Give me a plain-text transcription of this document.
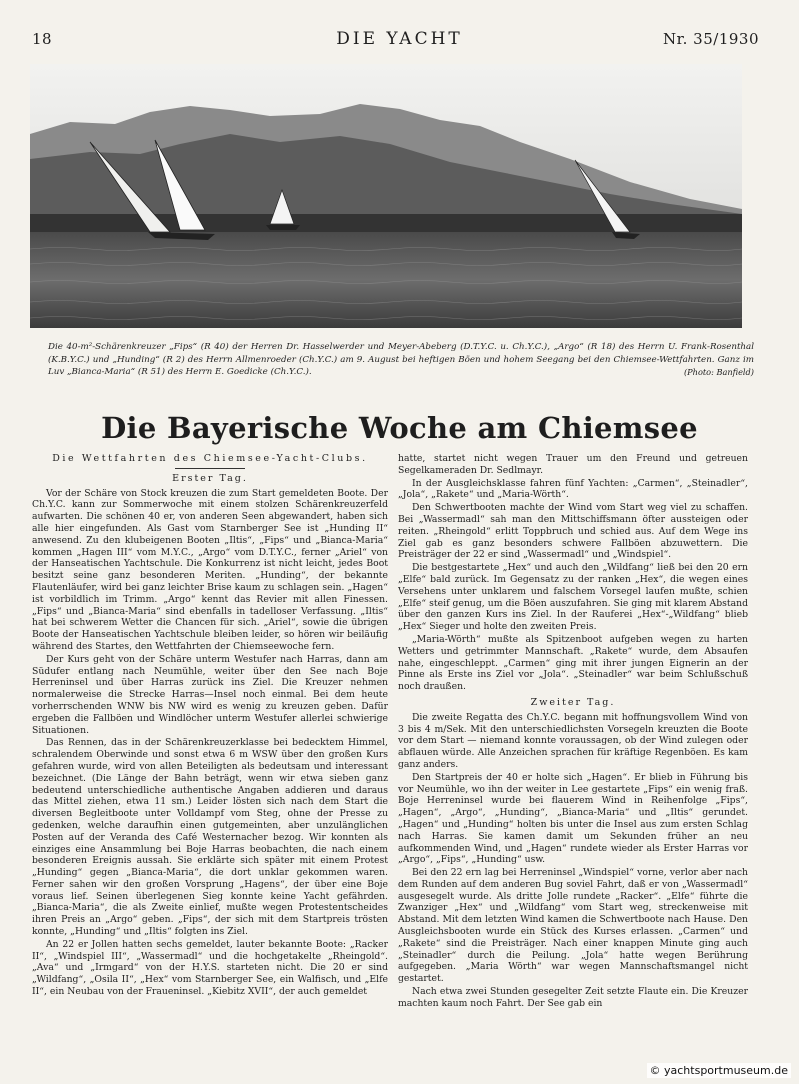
18	DIE YACHT	Nr. 35/1930
Die 40-m²-Schärenkreuzer „Fips“ (R 40) der Herren Dr. Hasselwerder und Meyer-Abeberg (D.T.Y.C. u. Ch.Y.C.), „Argo“ (R 18) des Herrn U. Frank-Rosenthal (K.B.Y.C.) und „Hunding“ (R 2) des Herrn Allmenroeder (Ch.Y.C.) am 9. August bei heftigen Böen und hohem Seegang bei den Chiemsee-Wettfahrten. Ganz im Luv „Bianca-Maria“ (R 51) des Herrn E. Goedicke (Ch.Y.C.).	(Photo: Banfield)
Die Bayerische Woche am Chiemsee
Die Wettfahrten des Chiemsee-Yacht-Clubs.
Erster Tag.

Vor der Schäre von Stock kreuzen die zum Start gemeldeten Boote. Der Ch.Y.C. kann zur Sommerwoche mit einem stolzen Schärenkreuzerfeld aufwarten. Die schönen 40 er, von anderen Seen abgewandert, haben sich alle hier eingefunden. Als Gast vom Starnberger See ist „Hunding II“ anwesend. Zu den klubeigenen Booten „Iltis“, „Fips“ und „Bianca-Maria“ kommen „Hagen III“ vom M.Y.C., „Argo“ vom D.T.Y.C., ferner „Ariel“ von der Hanseatischen Yachtschule. Die Konkurrenz ist nicht leicht, jedes Boot besitzt seine ganz besonderen Meriten. „Hunding“, der bekannte Flautenläufer, wird bei ganz leichter Brise kaum zu schlagen sein. „Hagen“ ist vorbildlich im Trimm. „Argo“ kennt das Revier mit allen Finessen. „Fips“ und „Bianca-Maria“ sind ebenfalls in tadelloser Verfassung. „Iltis“ hat bei schwerem Wetter die Chancen für sich. „Ariel“, sowie die übrigen Boote der Hanseatischen Yachtschule bleiben leider, so hören wir beiläufig während des Startes, den Wettfahrten der Chiemseewoche fern.

Der Kurs geht von der Schäre unterm Westufer nach Harras, dann am Südufer entlang nach Neumühle, weiter über den See nach Boje Herreninsel und über Harras zurück ins Ziel. Die Kreuzer nehmen normalerweise die Strecke Harras—Insel noch einmal. Bei dem heute vorherrschenden WNW bis NW wird es wenig zu kreuzen geben. Dafür ergeben die Fallböen und Windlöcher unterm Westufer allerlei schwierige Situationen.

Das Rennen, das in der Schärenkreuzerklasse bei bedecktem Himmel, schralendem Oberwinde und sonst etwa 6 m WSW über den großen Kurs gefahren wurde, wird von allen Beteiligten als bedeutsam und interessant bezeichnet. (Die Länge der Bahn beträgt, wenn wir etwa sieben ganz bedeutend unterschiedliche authentische Angaben addieren und daraus das Mittel ziehen, etwa 11 sm.) Leider lösten sich nach dem Start die diversen Begleitboote unter Volldampf vom Steg, ohne der Presse zu gedenken, welche daraufhin einen gutgemeinten, aber unzulänglichen Posten auf der Veranda des Café Westernacher bezog. Wir konnten als einziges eine Ansammlung bei Boje Harras beobachten, die nach einem besonderen Ereignis aussah. Sie erklärte sich später mit einem Protest „Hunding“ gegen „Bianca-Maria“, die dort unklar gekommen waren. Ferner sahen wir den großen Vorsprung „Hagens“, der über eine Boje voraus lief. Seinen überlegenen Sieg konnte keine Yacht gefährden. „Bianca-Maria“, die als Zweite einlief, mußte wegen Protestentscheides ihren Preis an „Argo“ geben. „Fips“, der sich mit dem Startpreis trösten konnte, „Hunding“ und „Iltis“ folgten ins Ziel.

An 22 er Jollen hatten sechs gemeldet, lauter bekannte Boote: „Racker II“, „Windspiel III“, „Wassermadl“ und die hochgetakelte „Rheingold“. „Ava“ und „Irmgard“ von der H.Y.S. starteten nicht. Die 20 er sind „Wildfang“, „Osila II“, „Hex“ vom Starnberger See, ein Walfisch, und „Elfe II“, ein Neubau von der Fraueninsel. „Kiebitz XVII“, der auch gemeldet

hatte, startet nicht wegen Trauer um den Freund und getreuen Segelkameraden Dr. Sedlmayr.

In der Ausgleichsklasse fahren fünf Yachten: „Carmen“, „Steinadler“, „Jola“, „Rakete“ und „Maria-Wörth“.

Den Schwertbooten machte der Wind vom Start weg viel zu schaffen. Bei „Wassermadl“ sah man den Mittschiffsmann öfter aussteigen oder reiten. „Rheingold“ erlitt Toppbruch und schied aus. Auf dem Wege ins Ziel gab es ganz besonders schwere Fallböen abzuwettern. Die Preisträger der 22 er sind „Wassermadl“ und „Windspiel“.

Die bestgestartete „Hex“ und auch den „Wildfang“ ließ bei den 20 ern „Elfe“ bald zurück. Im Gegensatz zu der ranken „Hex“, die wegen eines Versehens unter unklarem und falschem Vorsegel laufen mußte, schien „Elfe“ steif genug, um die Böen auszufahren. Sie ging mit klarem Abstand über den ganzen Kurs ins Ziel. In der Rauferei „Hex“-„Wildfang“ blieb „Hex“ Sieger und holte den zweiten Preis.

„Maria-Wörth“ mußte als Spitzenboot aufgeben wegen zu harten Wetters und getrimmter Mannschaft. „Rakete“ wurde, dem Absaufen nahe, eingeschleppt. „Carmen“ ging mit ihrer jungen Eignerin an der Pinne als Erste ins Ziel vor „Jola“. „Steinadler“ war beim Schlußschuß noch draußen.

Zweiter Tag.

Die zweite Regatta des Ch.Y.C. begann mit hoffnungsvollem Wind von 3 bis 4 m/Sek. Mit den unterschiedlichsten Vorsegeln kreuzten die Boote vor dem Start — niemand konnte voraussagen, ob der Wind zulegen oder abflauen würde. Alle Anzeichen sprachen für kräftige Regenböen. Es kam ganz anders.

Den Startpreis der 40 er holte sich „Hagen“. Er blieb in Führung bis vor Neumühle, wo ihn der weiter in Lee gestartete „Fips“ ein wenig fraß. Boje Herreninsel wurde bei flauerem Wind in Reihenfolge „Fips“, „Hagen“, „Argo“, „Hunding“, „Bianca-Maria“ und „Iltis“ gerundet. „Hagen“ und „Hunding“ holten bis unter die Insel aus zum ersten Schlag nach Harras. Sie kamen damit um Sekunden früher an neu aufkommenden Wind, und „Hagen“ rundete wieder als Erster Harras vor „Argo“, „Fips“, „Hunding“ usw.

Bei den 22 ern lag bei Herreninsel „Windspiel“ vorne, verlor aber nach dem Runden auf dem anderen Bug soviel Fahrt, daß er von „Wassermadl“ ausgesegelt wurde. Als dritte Jolle rundete „Racker“. „Elfe“ führte die Zwanziger „Hex“ und „Wildfang“ vom Start weg, streckenweise mit Abstand. Mit dem letzten Wind kamen die Schwertboote nach Hause. Den Ausgleichsbooten wurde ein Stück des Kurses erlassen. „Carmen“ und „Rakete“ sind die Preisträger. Nach einer knappen Minute ging auch „Steinadler“ durch die Peilung. „Jola“ hatte wegen Berührung aufgegeben. „Maria Wörth“ war wegen Mannschaftsmangel nicht gestartet.

Nach etwa zwei Stunden gesegelter Zeit setzte Flaute ein. Die Kreuzer machten kaum noch Fahrt. Der See gab ein

© yachtsportmuseum.de
